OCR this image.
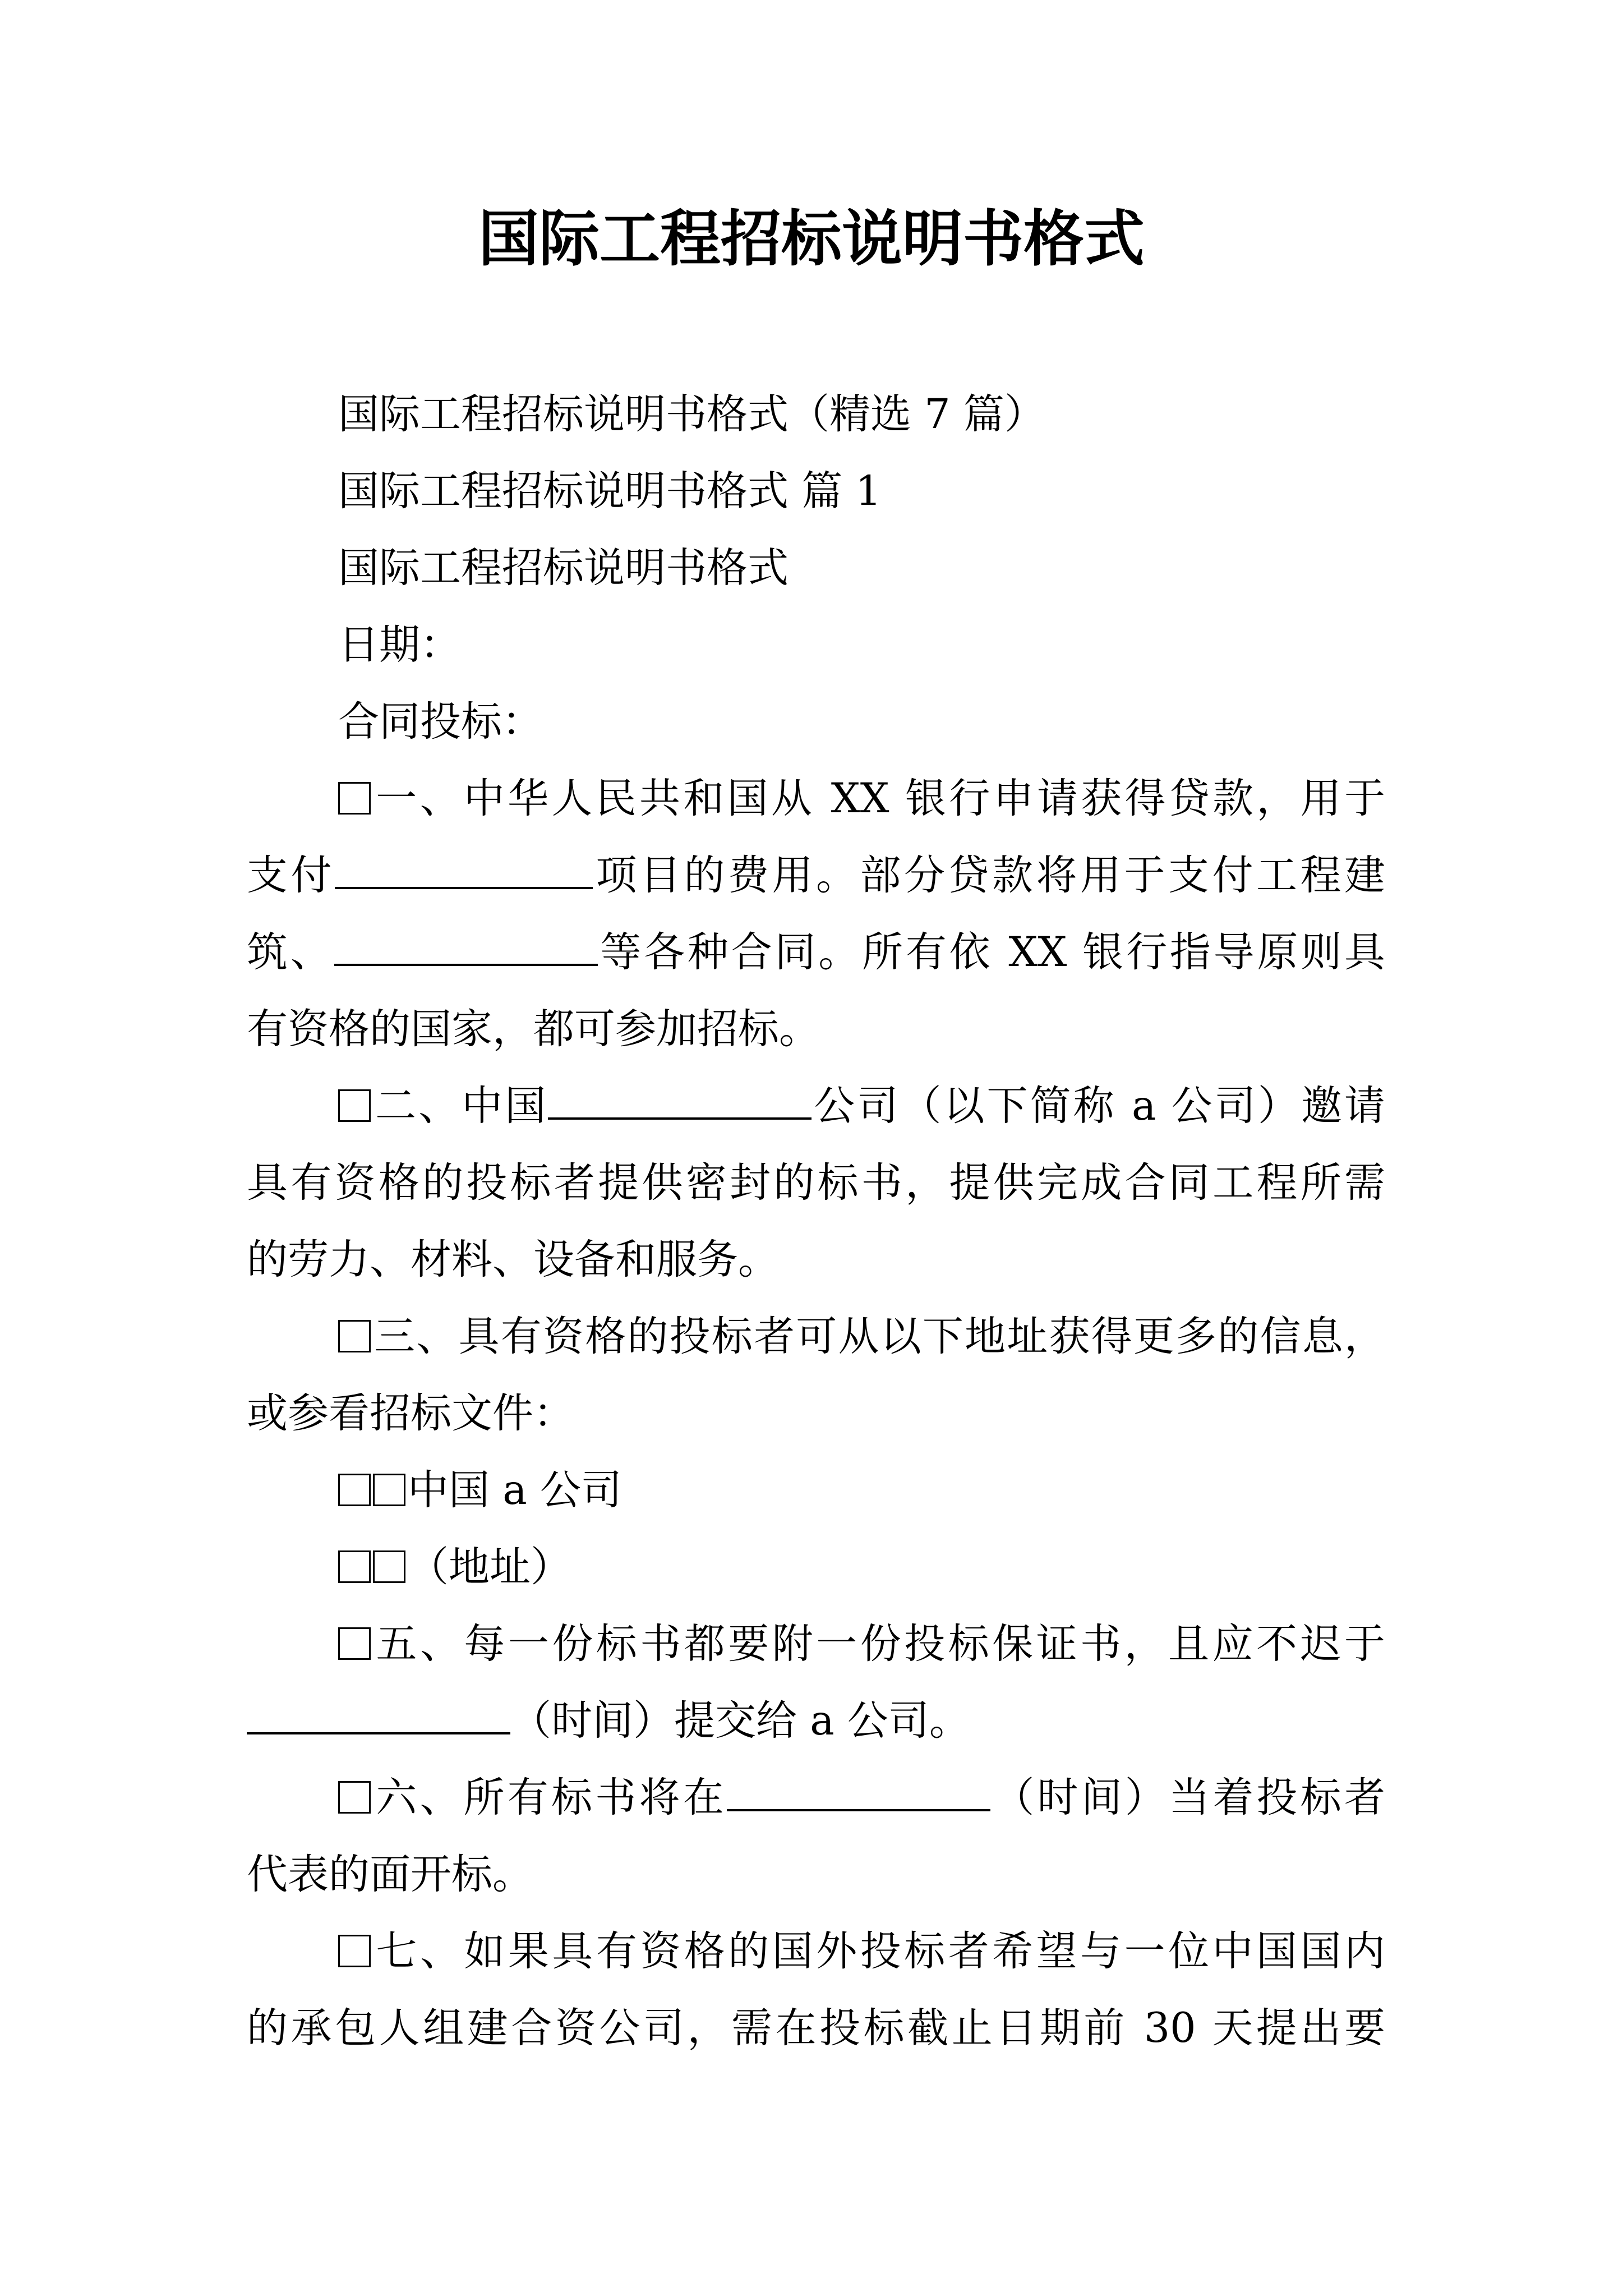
国际工程招标说明书格式
国际工程招标说明书格式（精选 7 篇）
国际工程招标说明书格式 篇 1
国际工程招标说明书格式
日期：
合同投标：
一、中华人民共和国从 XX 银行申请获得贷款，用于
支付	项目的费用。部分贷款将用于支付工程建
筑、	等各种合同。所有依 XX 银行指导原则具
有资格的国家，都可参加招标。
二、中国	公司（以下简称 a 公司）邀请
具有资格的投标者提供密封的标书，提供完成合同工程所需
的劳力、材料、设备和服务。
三、具有资格的投标者可从以下地址获得更多的信息，
或参看招标文件：
中国 a 公司
（地址）
五、每一份标书都要附一份投标保证书，且应不迟于
（时间）提交给 a 公司。
六、所有标书将在	（时间）当着投标者
代表的面开标。
七、如果具有资格的国外投标者希望与一位中国国内
的承包人组建合资公司，需在投标截止日期前 30 天提出要
